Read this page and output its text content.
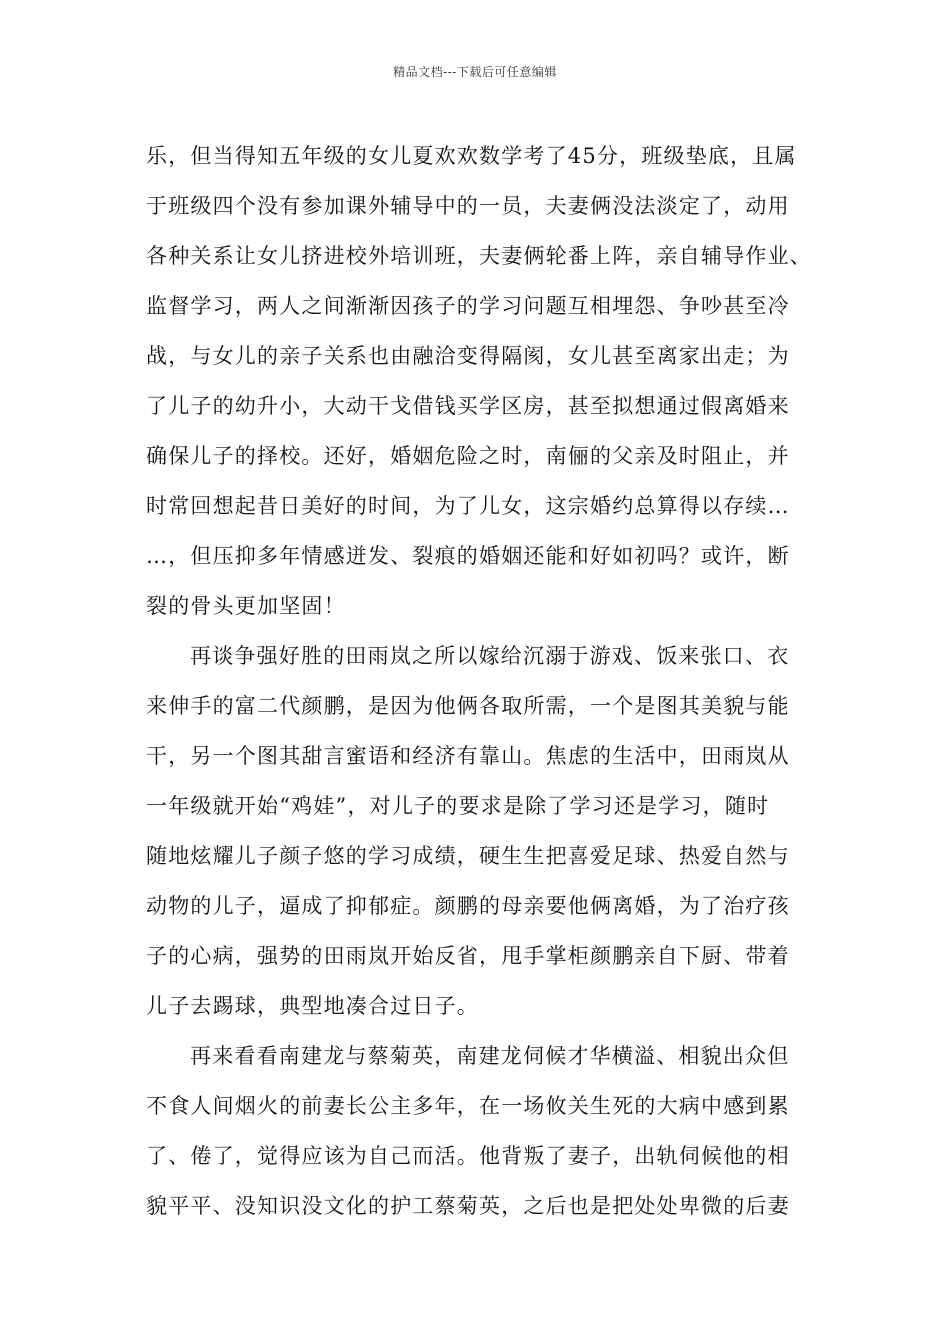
精品文档---下载后可任意编辑
乐，但当得知五年级的女儿夏欢欢数学考了45分，班级垫底，且属
于班级四个没有参加课外辅导中的一员，夫妻俩没法淡定了，动用
各种关系让女儿挤进校外培训班，夫妻俩轮番上阵，亲自辅导作业、
监督学习，两人之间渐渐因孩子的学习问题互相埋怨、争吵甚至冷
战，与女儿的亲子关系也由融洽变得隔阂，女儿甚至离家出走；为
了儿子的幼升小，大动干戈借钱买学区房，甚至拟想通过假离婚来
确保儿子的择校。还好，婚姻危险之时，南俪的父亲及时阻止，并
时常回想起昔日美好的时间，为了儿女，这宗婚约总算得以存续…
…，但压抑多年情感迸发、裂痕的婚姻还能和好如初吗？或许，断
裂的骨头更加坚固！
再谈争强好胜的田雨岚之所以嫁给沉溺于游戏、饭来张口、衣
来伸手的富二代颜鹏，是因为他俩各取所需，一个是图其美貌与能
干，另一个图其甜言蜜语和经济有靠山。焦虑的生活中，田雨岚从
一年级就开始“鸡娃”，对儿子的要求是除了学习还是学习，随时
随地炫耀儿子颜子悠的学习成绩，硬生生把喜爱足球、热爱自然与
动物的儿子，逼成了抑郁症。颜鹏的母亲要他俩离婚，为了治疗孩
子的心病，强势的田雨岚开始反省，甩手掌柜颜鹏亲自下厨、带着
儿子去踢球，典型地凑合过日子。
再来看看南建龙与蔡菊英，南建龙伺候才华横溢、相貌出众但
不食人间烟火的前妻长公主多年，在一场攸关生死的大病中感到累
了、倦了，觉得应该为自己而活。他背叛了妻子，出轨伺候他的相
貌平平、没知识没文化的护工蔡菊英，之后也是把处处卑微的后妻
